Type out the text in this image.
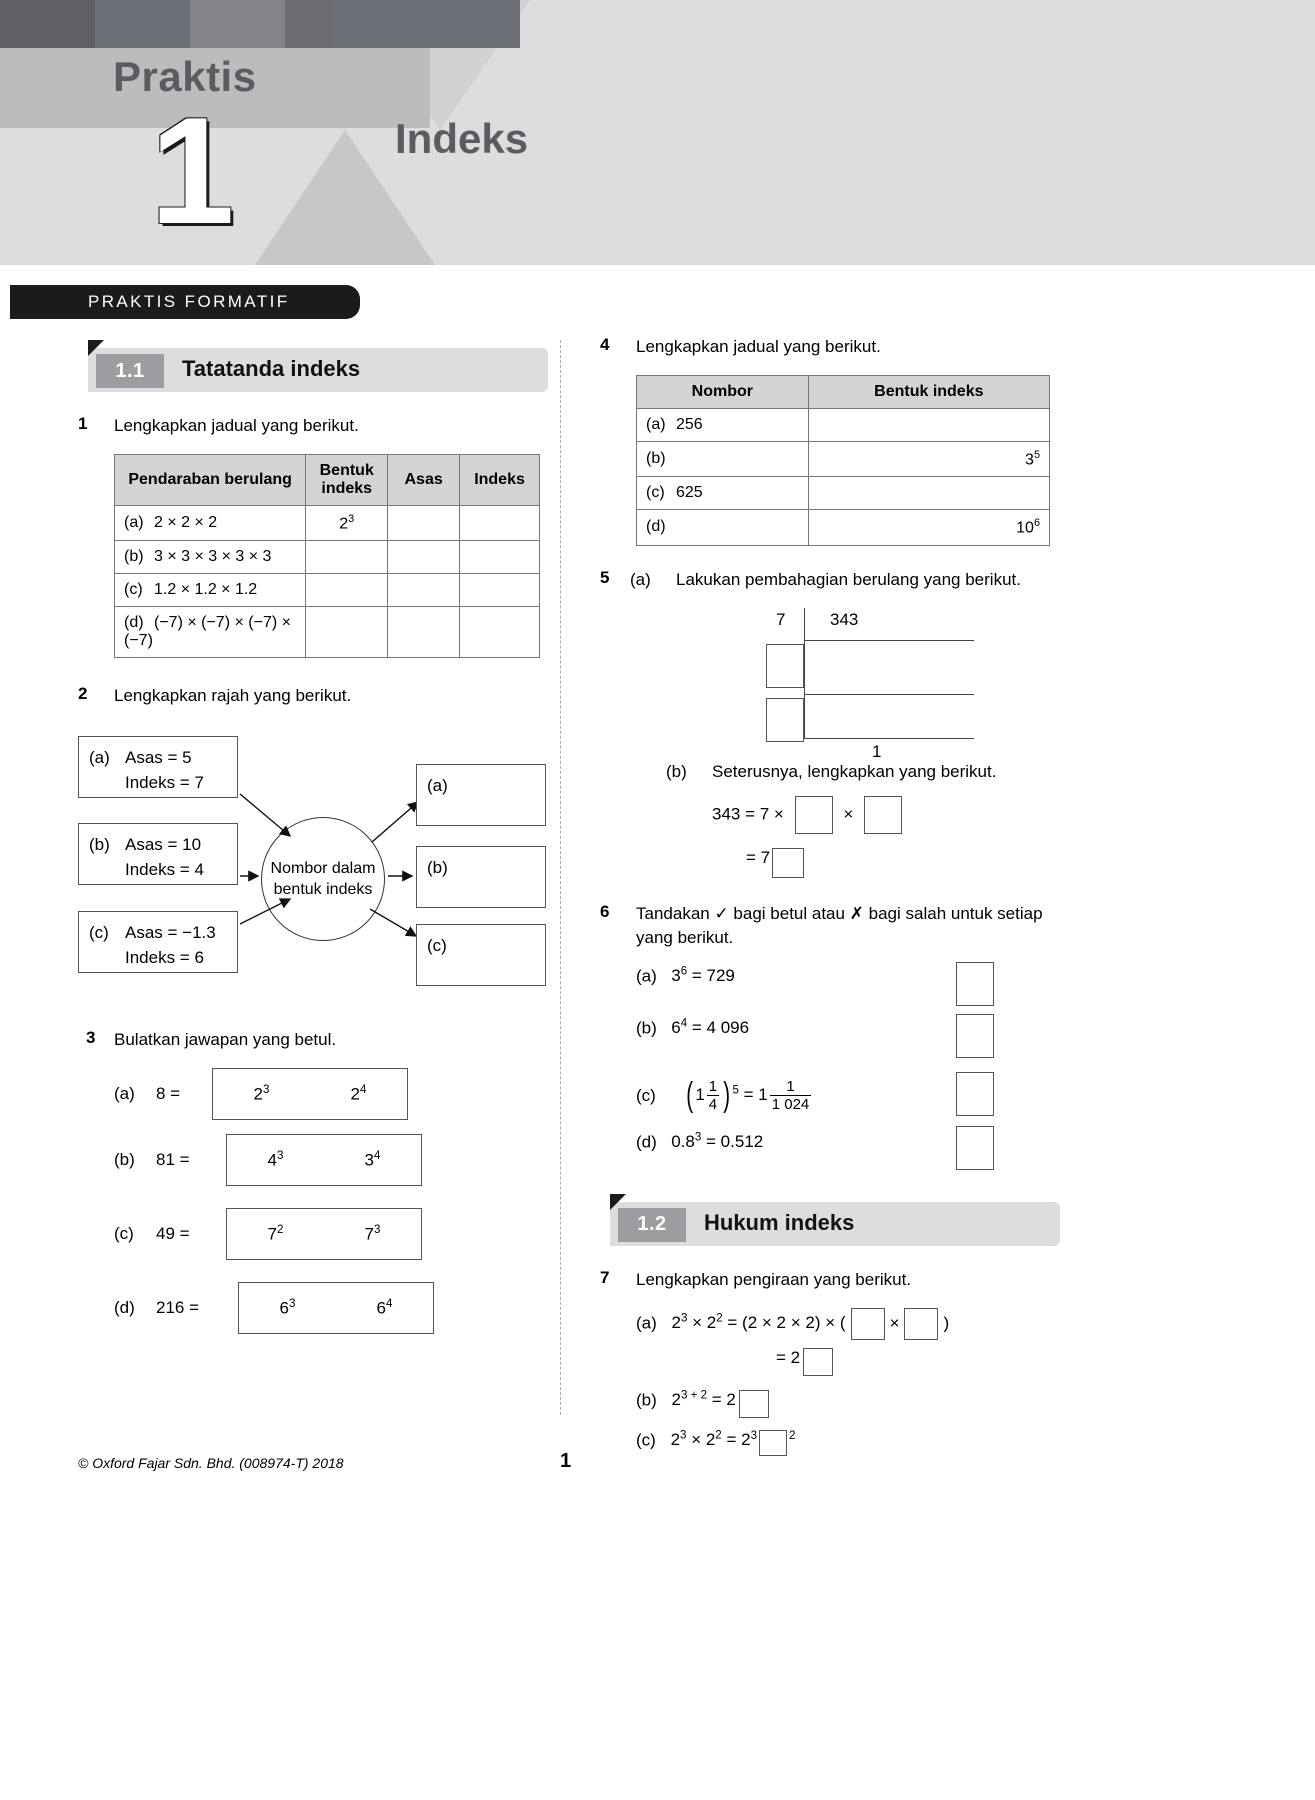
Praktis
1	Indeks
PRAKTIS FORMATIF
1.1	Tatatanda indeks
1 Lengkapkan jadual yang berikut.
Pendaraban berulang	Bentuk indeks	Asas	Indeks
(a) 2 × 2 × 2	$2^3$		
(b) 3 × 3 × 3 × 3 × 3			
(c) 1.2 × 1.2 × 1.2			
(d) (−7) × (−7) × (−7) × (−7)			
2 Lengkapkan rajah yang berikut.
(a) Asas = 5
Indeks = 7
(b) Asas = 10
Indeks = 4
(c) Asas = −1.3
Indeks = 6
Nombor dalam bentuk indeks
(a)
(b)
(c)
3 Bulatkan jawapan yang betul.
(a) 8 =	$2^3$	$2^4$
(b) 81 =	$4^3$	$3^4$
(c) 49 =	$7^2$	$7^3$
(d) 216 =	$6^3$	$6^4$
4 Lengkapkan jadual yang berikut.
Nombor	Bentuk indeks
(a) 256	
(b)	$3^5$
(c) 625	
(d)	$10^6$
5 (a) Lakukan pembahagian berulang yang berikut.
7	343
1
(b) Seterusnya, lengkapkan yang berikut.
343 = 7 ×	×
= 7
6 Tandakan ✓ bagi betul atau ✗ bagi salah untuk setiap yang berikut.
(a) $3^6 = 729$
(b) $6^4 = 4$ 096
(c) ( $1 \frac{1}{4}$ ) $^5 = 1 \frac{1}{1 024}$
(d) $0.8^3 = 0.512$
1.2	Hukum indeks
7 Lengkapkan pengiraan yang berikut.
(a) $2^3 \times 2^2 = (2 \times 2 \times 2)$ × (	×	)
= 2
(b) $2^{3 + 2} = 2$
(c) $2^3 \times 2^2 = 2^3$	$^2$
© Oxford Fajar Sdn. Bhd. (008974-T) 2018	1
